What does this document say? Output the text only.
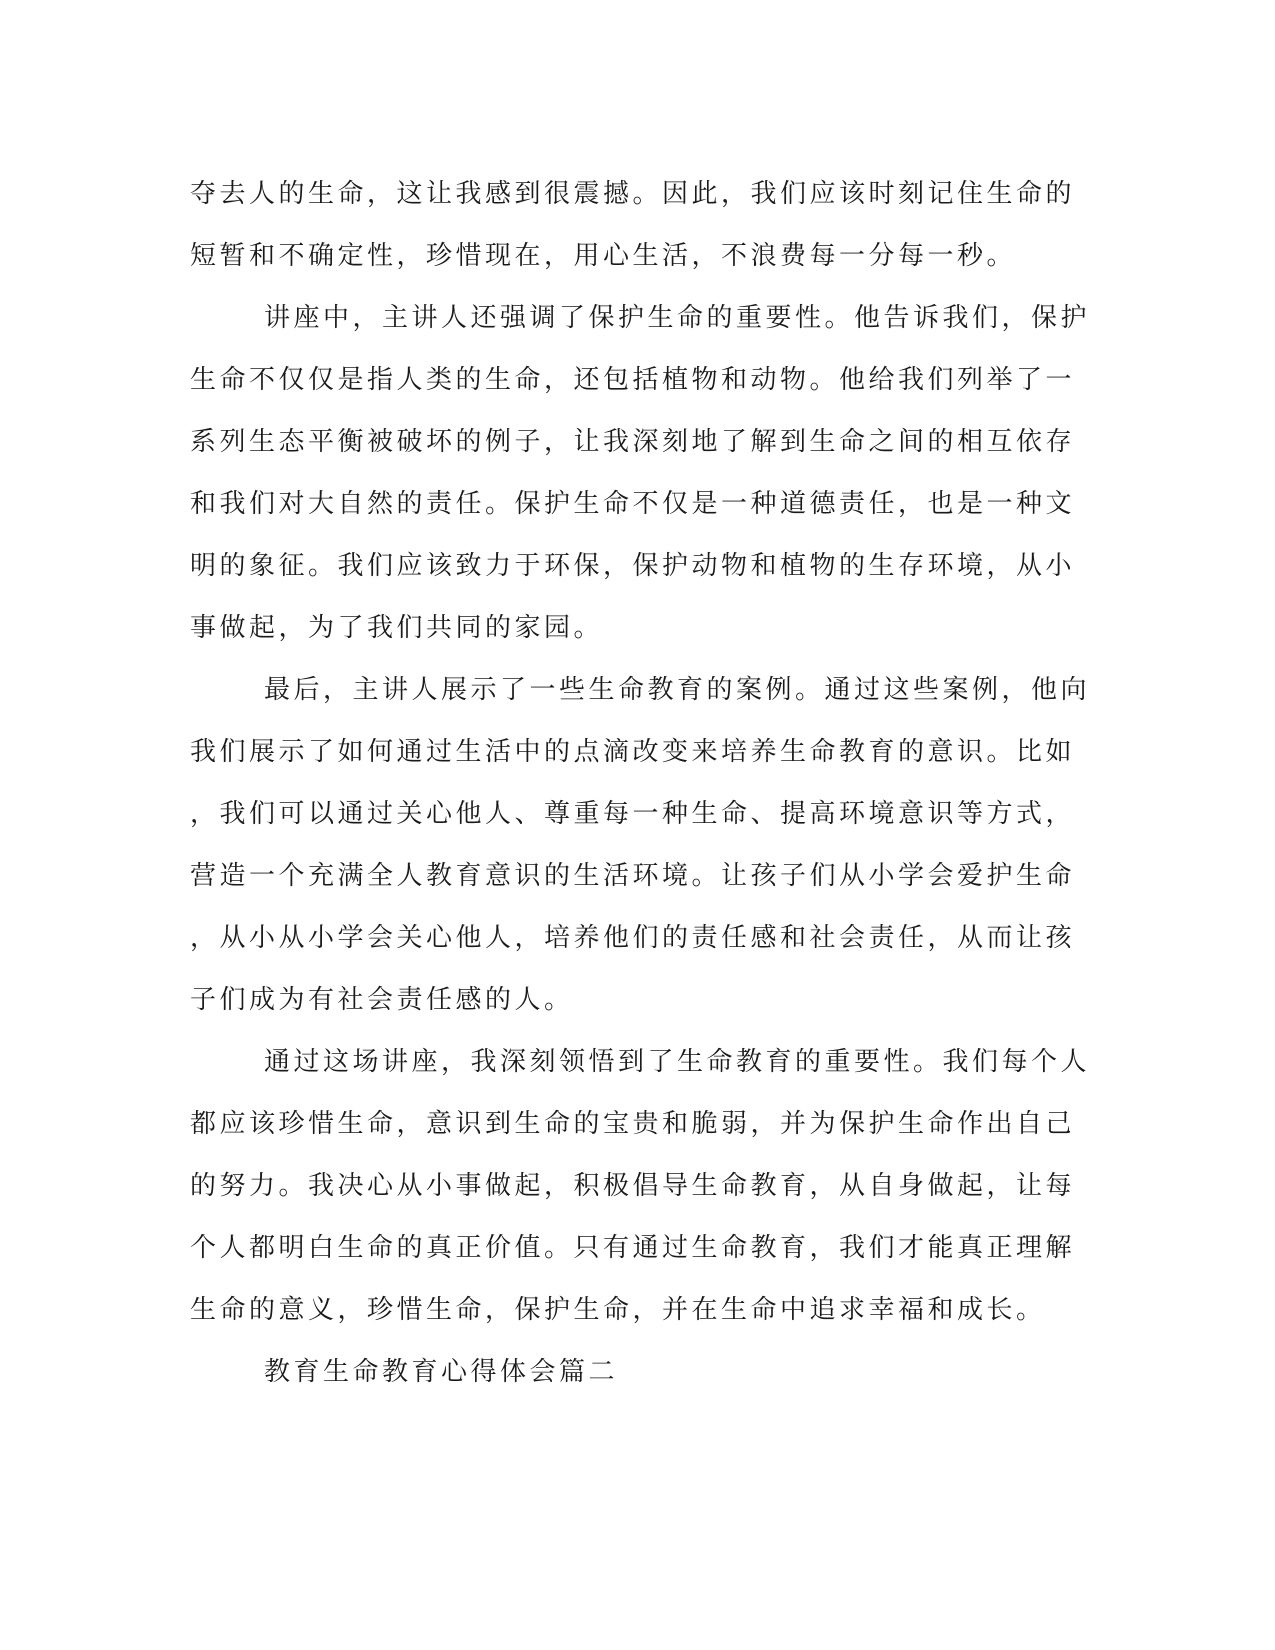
夺去人的生命，这让我感到很震撼。因此，我们应该时刻记住生命的
短暂和不确定性，珍惜现在，用心生活，不浪费每一分每一秒。
讲座中，主讲人还强调了保护生命的重要性。他告诉我们，保护
生命不仅仅是指人类的生命，还包括植物和动物。他给我们列举了一
系列生态平衡被破坏的例子，让我深刻地了解到生命之间的相互依存
和我们对大自然的责任。保护生命不仅是一种道德责任，也是一种文
明的象征。我们应该致力于环保，保护动物和植物的生存环境，从小
事做起，为了我们共同的家园。
最后，主讲人展示了一些生命教育的案例。通过这些案例，他向
我们展示了如何通过生活中的点滴改变来培养生命教育的意识。比如
，我们可以通过关心他人、尊重每一种生命、提高环境意识等方式，
营造一个充满全人教育意识的生活环境。让孩子们从小学会爱护生命
，从小从小学会关心他人，培养他们的责任感和社会责任，从而让孩
子们成为有社会责任感的人。
通过这场讲座，我深刻领悟到了生命教育的重要性。我们每个人
都应该珍惜生命，意识到生命的宝贵和脆弱，并为保护生命作出自己
的努力。我决心从小事做起，积极倡导生命教育，从自身做起，让每
个人都明白生命的真正价值。只有通过生命教育，我们才能真正理解
生命的意义，珍惜生命，保护生命，并在生命中追求幸福和成长。
教育生命教育心得体会篇二
